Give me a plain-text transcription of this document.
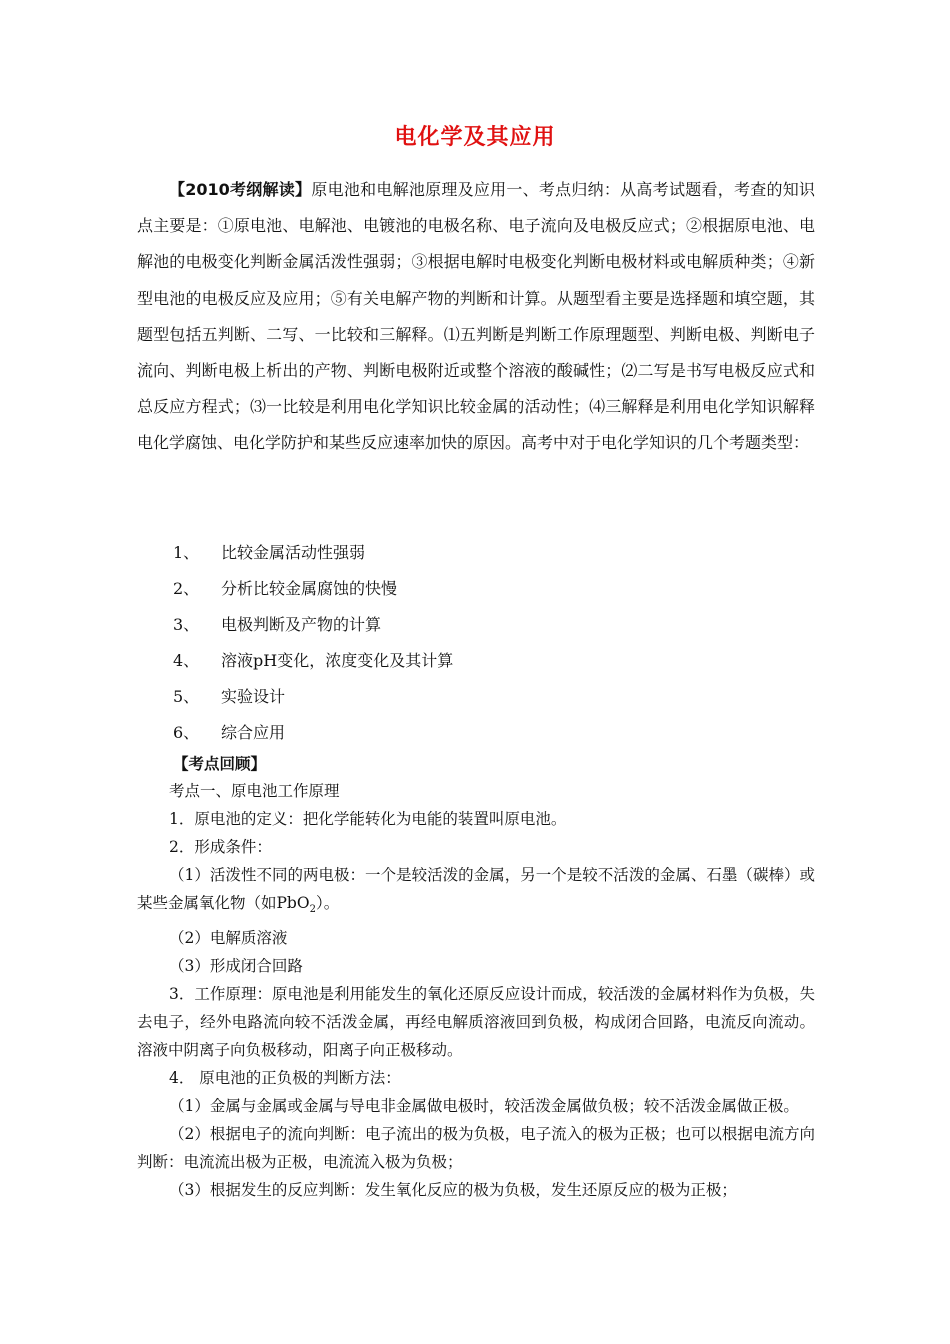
电化学及其应用

【2010考纲解读】原电池和电解池原理及应用一、考点归纳：从高考试题看，考查的知识点主要是：①原电池、电解池、电镀池的电极名称、电子流向及电极反应式；②根据原电池、电解池的电极变化判断金属活泼性强弱；③根据电解时电极变化判断电极材料或电解质种类；④新型电池的电极反应及应用；⑤有关电解产物的判断和计算。从题型看主要是选择题和填空题，其题型包括五判断、二写、一比较和三解释。⑴五判断是判断工作原理题型、判断电极、判断电子流向、判断电极上析出的产物、判断电极附近或整个溶液的酸碱性；⑵二写是书写电极反应式和总反应方程式；⑶一比较是利用电化学知识比较金属的活动性；⑷三解释是利用电化学知识解释电化学腐蚀、电化学防护和某些反应速率加快的原因。高考中对于电化学知识的几个考题类型：

1、 比较金属活动性强弱
2、 分析比较金属腐蚀的快慢
3、 电极判断及产物的计算
4、 溶液pH变化，浓度变化及其计算
5、 实验设计
6、 综合应用
【考点回顾】

考点一、原电池工作原理

1．原电池的定义：把化学能转化为电能的装置叫原电池。

2．形成条件：

（1）活泼性不同的两电极：一个是较活泼的金属，另一个是较不活泼的金属、石墨（碳棒）或某些金属氧化物（如PbO$_2$）。

（2）电解质溶液

（3）形成闭合回路

3．工作原理：原电池是利用能发生的氧化还原反应设计而成，较活泼的金属材料作为负极，失去电子，经外电路流向较不活泼金属，再经电解质溶液回到负极，构成闭合回路，电流反向流动。溶液中阴离子向负极移动，阳离子向正极移动。

4． 原电池的正负极的判断方法：

（1）金属与金属或金属与导电非金属做电极时，较活泼金属做负极；较不活泼金属做正极。

（2）根据电子的流向判断：电子流出的极为负极，电子流入的极为正极；也可以根据电流方向判断：电流流出极为正极，电流流入极为负极；

（3）根据发生的反应判断：发生氧化反应的极为负极，发生还原反应的极为正极；
